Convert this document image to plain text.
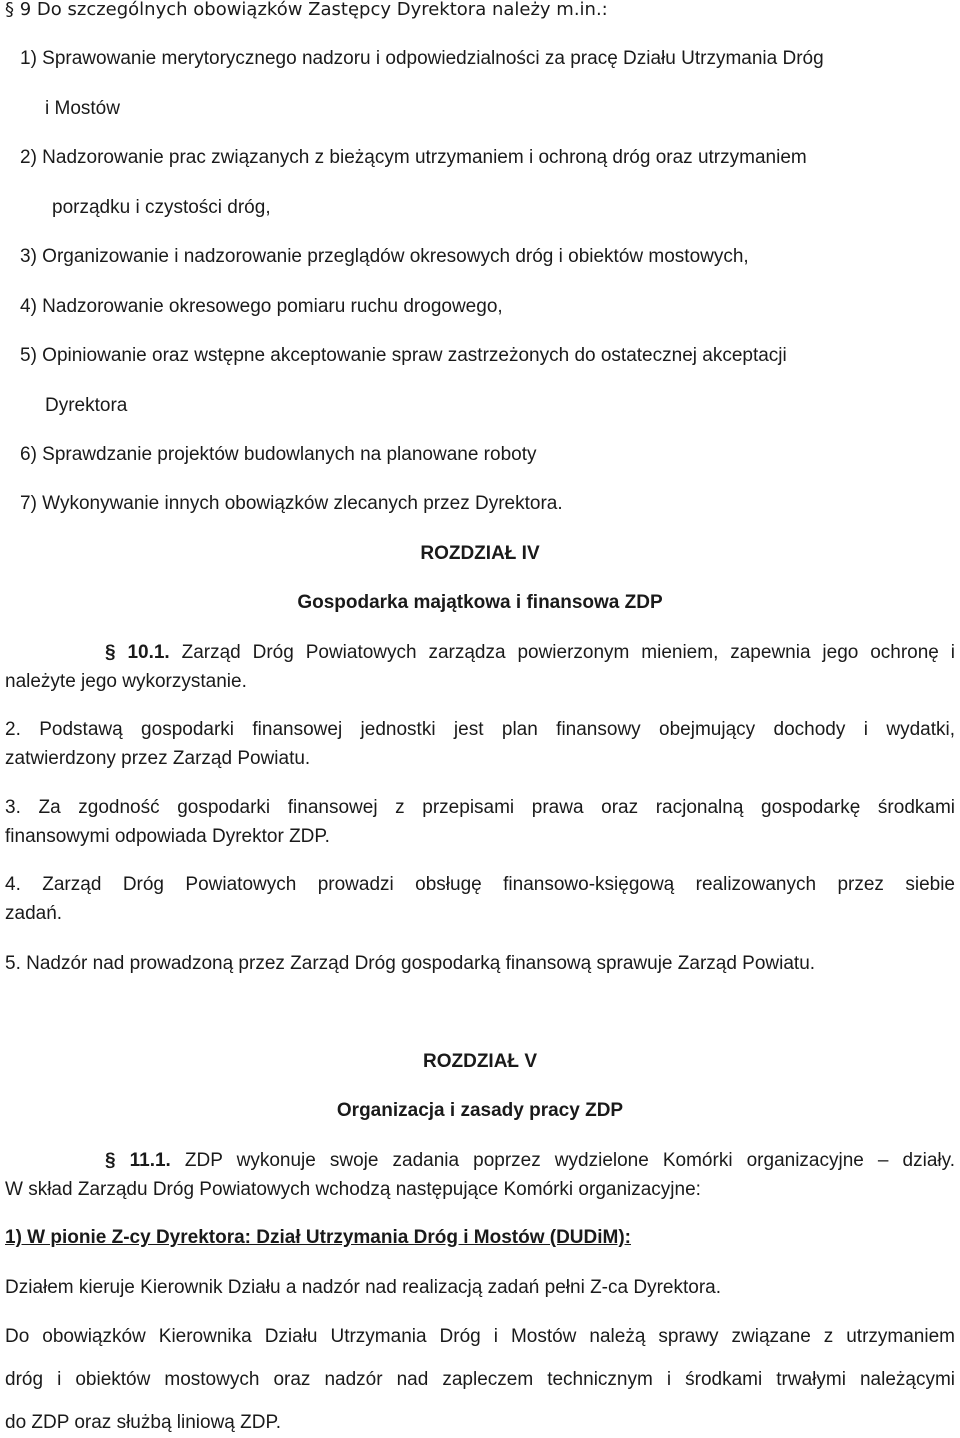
§ 9 Do szczególnych obowiązków Zastępcy Dyrektora należy m.in.:
1) Sprawowanie merytorycznego nadzoru i odpowiedzialności za pracę Działu Utrzymania Dróg
i Mostów
2) Nadzorowanie prac związanych z bieżącym utrzymaniem i ochroną dróg oraz utrzymaniem
porządku i czystości dróg,
3) Organizowanie i nadzorowanie przeglądów okresowych dróg i obiektów mostowych,
4) Nadzorowanie okresowego pomiaru ruchu drogowego,
5) Opiniowanie oraz wstępne akceptowanie spraw zastrzeżonych do ostatecznej akceptacji
Dyrektora
6) Sprawdzanie projektów budowlanych na planowane roboty
7) Wykonywanie innych obowiązków zlecanych przez Dyrektora.
ROZDZIAŁ IV
Gospodarka majątkowa i finansowa ZDP
§ 10.1. Zarząd Dróg Powiatowych zarządza powierzonym mieniem, zapewnia jego ochronę i
należyte jego wykorzystanie.
2. Podstawą gospodarki finansowej jednostki jest plan finansowy obejmujący dochody i wydatki,
zatwierdzony przez Zarząd Powiatu.
3. Za zgodność gospodarki finansowej z przepisami prawa oraz racjonalną gospodarkę środkami
finansowymi odpowiada Dyrektor ZDP.
4. Zarząd Dróg Powiatowych prowadzi obsługę finansowo-księgową realizowanych przez siebie
zadań.
5. Nadzór nad prowadzoną przez Zarząd Dróg gospodarką finansową sprawuje Zarząd Powiatu.
ROZDZIAŁ V
Organizacja i zasady pracy ZDP
§ 11.1. ZDP wykonuje swoje zadania poprzez wydzielone Komórki organizacyjne – działy.
W skład Zarządu Dróg Powiatowych wchodzą następujące Komórki organizacyjne:
1) W pionie Z-cy Dyrektora: Dział Utrzymania Dróg i Mostów (DUDiM):
Działem kieruje Kierownik Działu a nadzór nad realizacją zadań pełni Z-ca Dyrektora.
Do obowiązków Kierownika Działu Utrzymania Dróg i Mostów należą sprawy związane z utrzymaniem
dróg i obiektów mostowych oraz nadzór nad zapleczem technicznym i środkami trwałymi należącymi
do ZDP oraz służbą liniową ZDP.
